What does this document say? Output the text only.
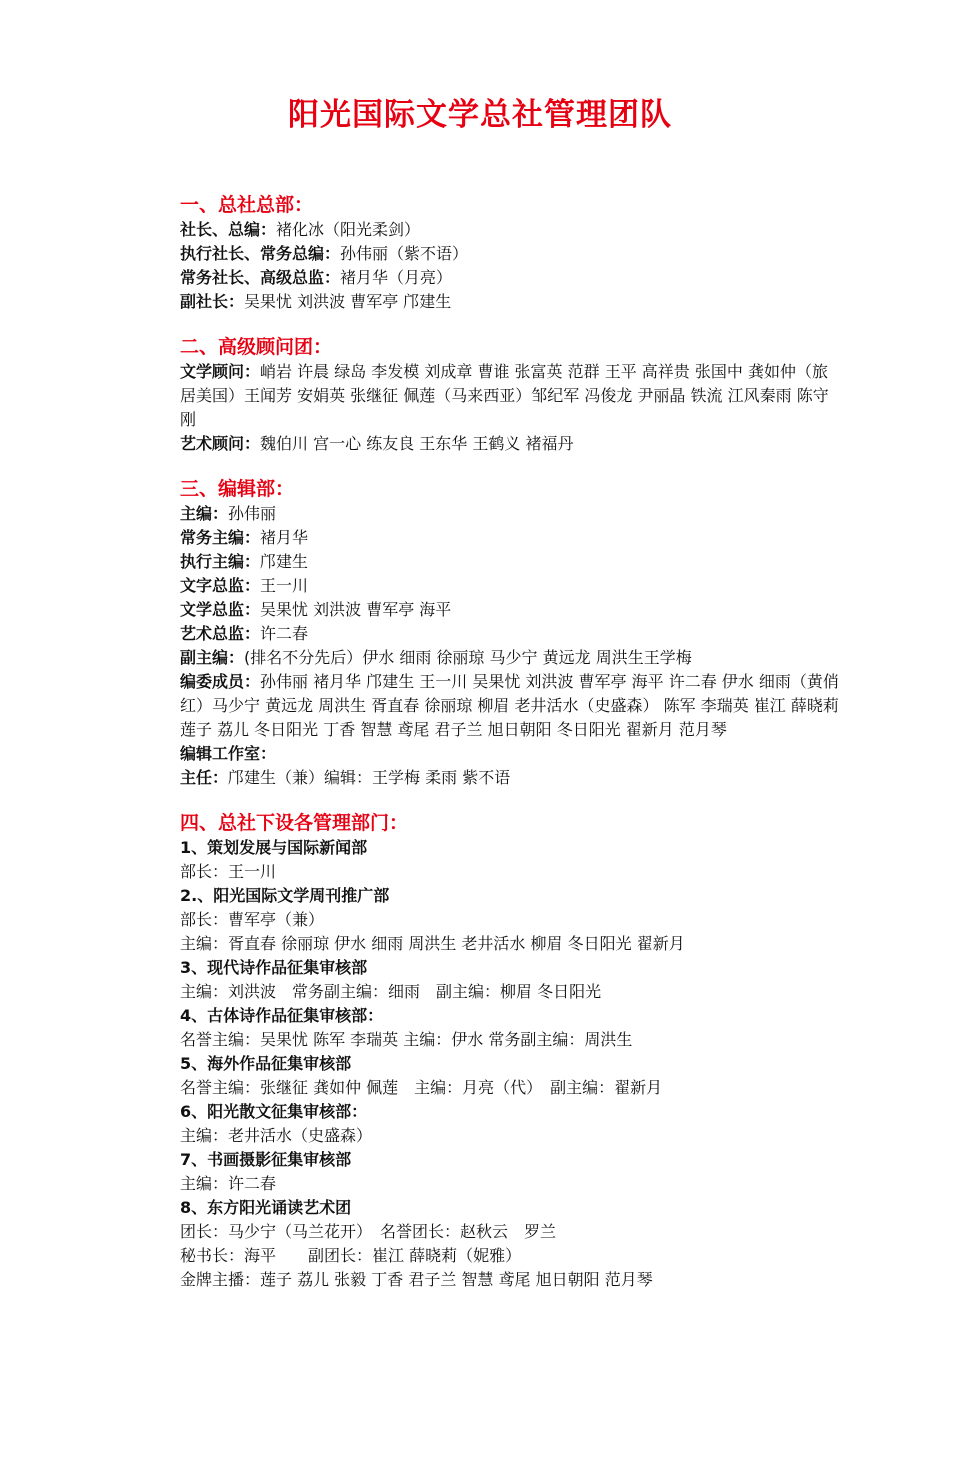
阳光国际文学总社管理团队
一、总社总部：

社长、总编：褚化冰（阳光柔剑）

执行社长、常务总编：孙伟丽（紫不语）

常务社长、高级总监：褚月华（月亮）

副社长：吴果忧 刘洪波 曹军亭 邝建生

二、高级顾问团：

文学顾问：峭岩 许晨 绿岛 李发模 刘成章 曹谁 张富英 范群 王平 高祥贵 张国中 龚如仲（旅居美国）王闻芳 安娟英 张继征 佩莲（马来西亚）邹纪军 冯俊龙 尹丽晶 铁流 江风秦雨 陈守刚

艺术顾问：魏伯川 宫一心 练友良 王东华 王鹤义 褚福丹

三、编辑部：

主编：孙伟丽

常务主编：褚月华

执行主编：邝建生

文字总监：王一川

文学总监：吴果忧 刘洪波 曹军亭 海平

艺术总监：许二春

副主编：(排名不分先后）伊水 细雨 徐丽琼 马少宁 黄远龙 周洪生王学梅

编委成员：孙伟丽 褚月华 邝建生 王一川 吴果忧 刘洪波 曹军亭 海平 许二春 伊水 细雨（黄俏红）马少宁 黄远龙 周洪生 胥直春 徐丽琼 柳眉 老井活水（史盛森） 陈军 李瑞英 崔江 薛晓莉 莲子 荔儿 冬日阳光 丁香 智慧 鸢尾 君子兰 旭日朝阳 冬日阳光 翟新月 范月琴

编辑工作室：

主任：邝建生（兼）编辑：王学梅 柔雨 紫不语

四、总社下设各管理部门：

1、策划发展与国际新闻部

部长：王一川

2.、阳光国际文学周刊推广部

部长：曹军亭（兼）

主编：胥直春 徐丽琼 伊水 细雨 周洪生 老井活水 柳眉 冬日阳光 翟新月

3、现代诗作品征集审核部

主编：刘洪波　常务副主编：细雨　副主编：柳眉 冬日阳光

4、古体诗作品征集审核部：

名誉主编：吴果忧 陈军 李瑞英 主编：伊水 常务副主编：周洪生

5、海外作品征集审核部

名誉主编：张继征 龚如仲 佩莲　主编：月亮（代）　副主编：翟新月

6、阳光散文征集审核部：

主编：老井活水（史盛森）

7、书画摄影征集审核部

主编：许二春

8、东方阳光诵读艺术团

团长：马少宁（马兰花开）　名誉团长：赵秋云　罗兰

秘书长：海平　　副团长：崔江 薛晓莉（妮雅）

金牌主播：莲子 荔儿 张毅 丁香 君子兰 智慧 鸢尾 旭日朝阳 范月琴
